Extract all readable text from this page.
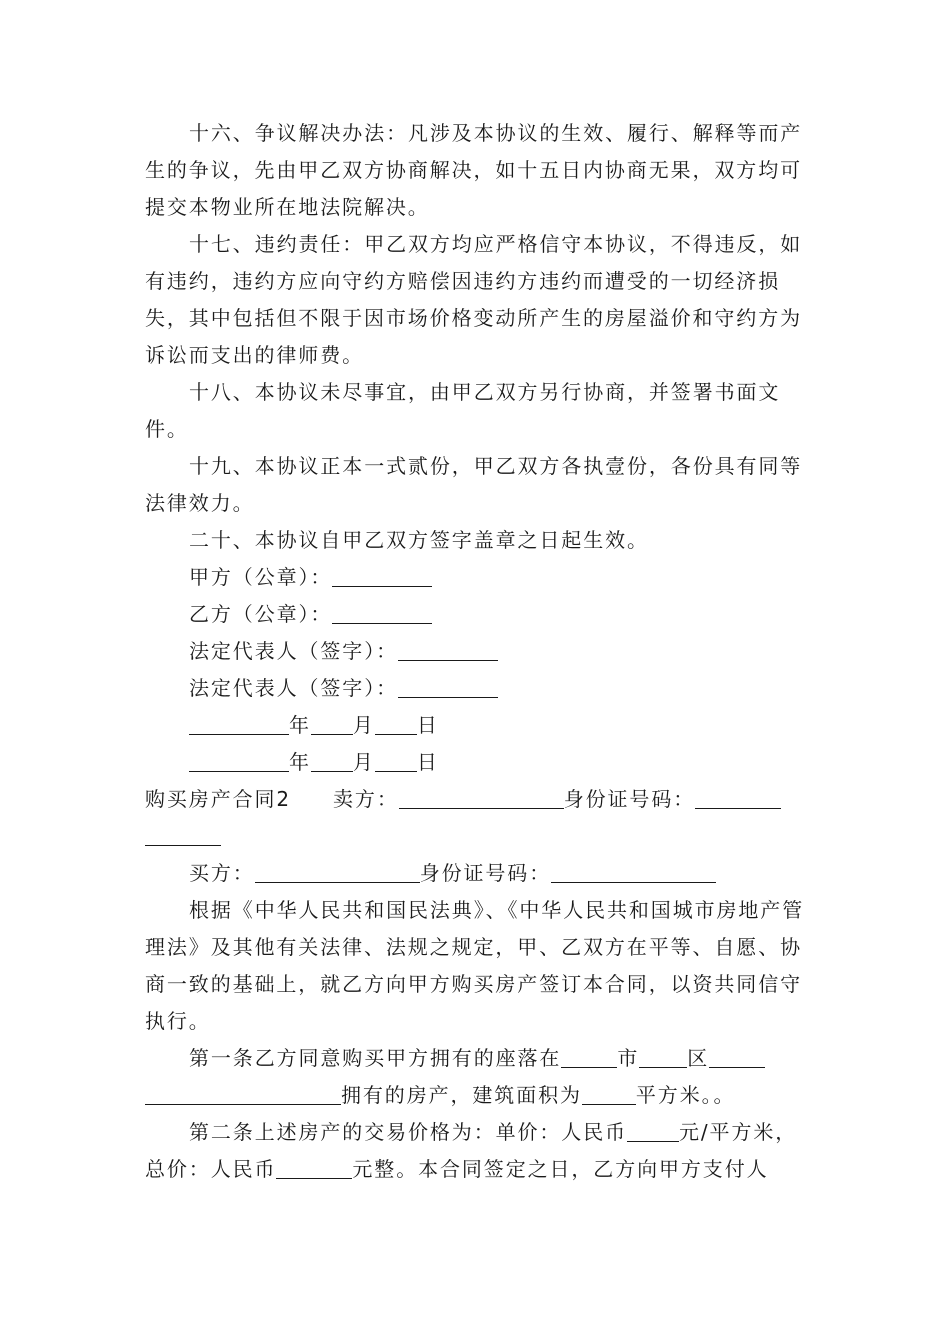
十六、争议解决办法：凡涉及本协议的生效、履行、解释等而产生的争议，先由甲乙双方协商解决，如十五日内协商无果，双方均可提交本物业所在地法院解决。

十七、违约责任：甲乙双方均应严格信守本协议，不得违反，如有违约，违约方应向守约方赔偿因违约方违约而遭受的一切经济损失，其中包括但不限于因市场价格变动所产生的房屋溢价和守约方为诉讼而支出的律师费。

十八、本协议未尽事宜，由甲乙双方另行协商，并签署书面文件。

十九、本协议正本一式贰份，甲乙双方各执壹份，各份具有同等法律效力。

二十、本协议自甲乙双方签字盖章之日起生效。

甲方（公章）：

乙方（公章）：

法定代表人（签字）：

法定代表人（签字）：

年 月 日

年 月 日

购买房产合同2 卖方：	身份证号码：

买方：	身份证号码：

根据《中华人民共和国民法典》、《中华人民共和国城市房地产管理法》及其他有关法律、法规之规定，甲、乙双方在平等、自愿、协商一致的基础上，就乙方向甲方购买房产签订本合同，以资共同信守执行。

第一条乙方同意购买甲方拥有的座落在	市 区
拥有的房产，建筑面积为	平方米。。

第二条上述房产的交易价格为：单价：人民币	元/平方米，总价：人民币	元整。本合同签定之日，乙方向甲方支付人
